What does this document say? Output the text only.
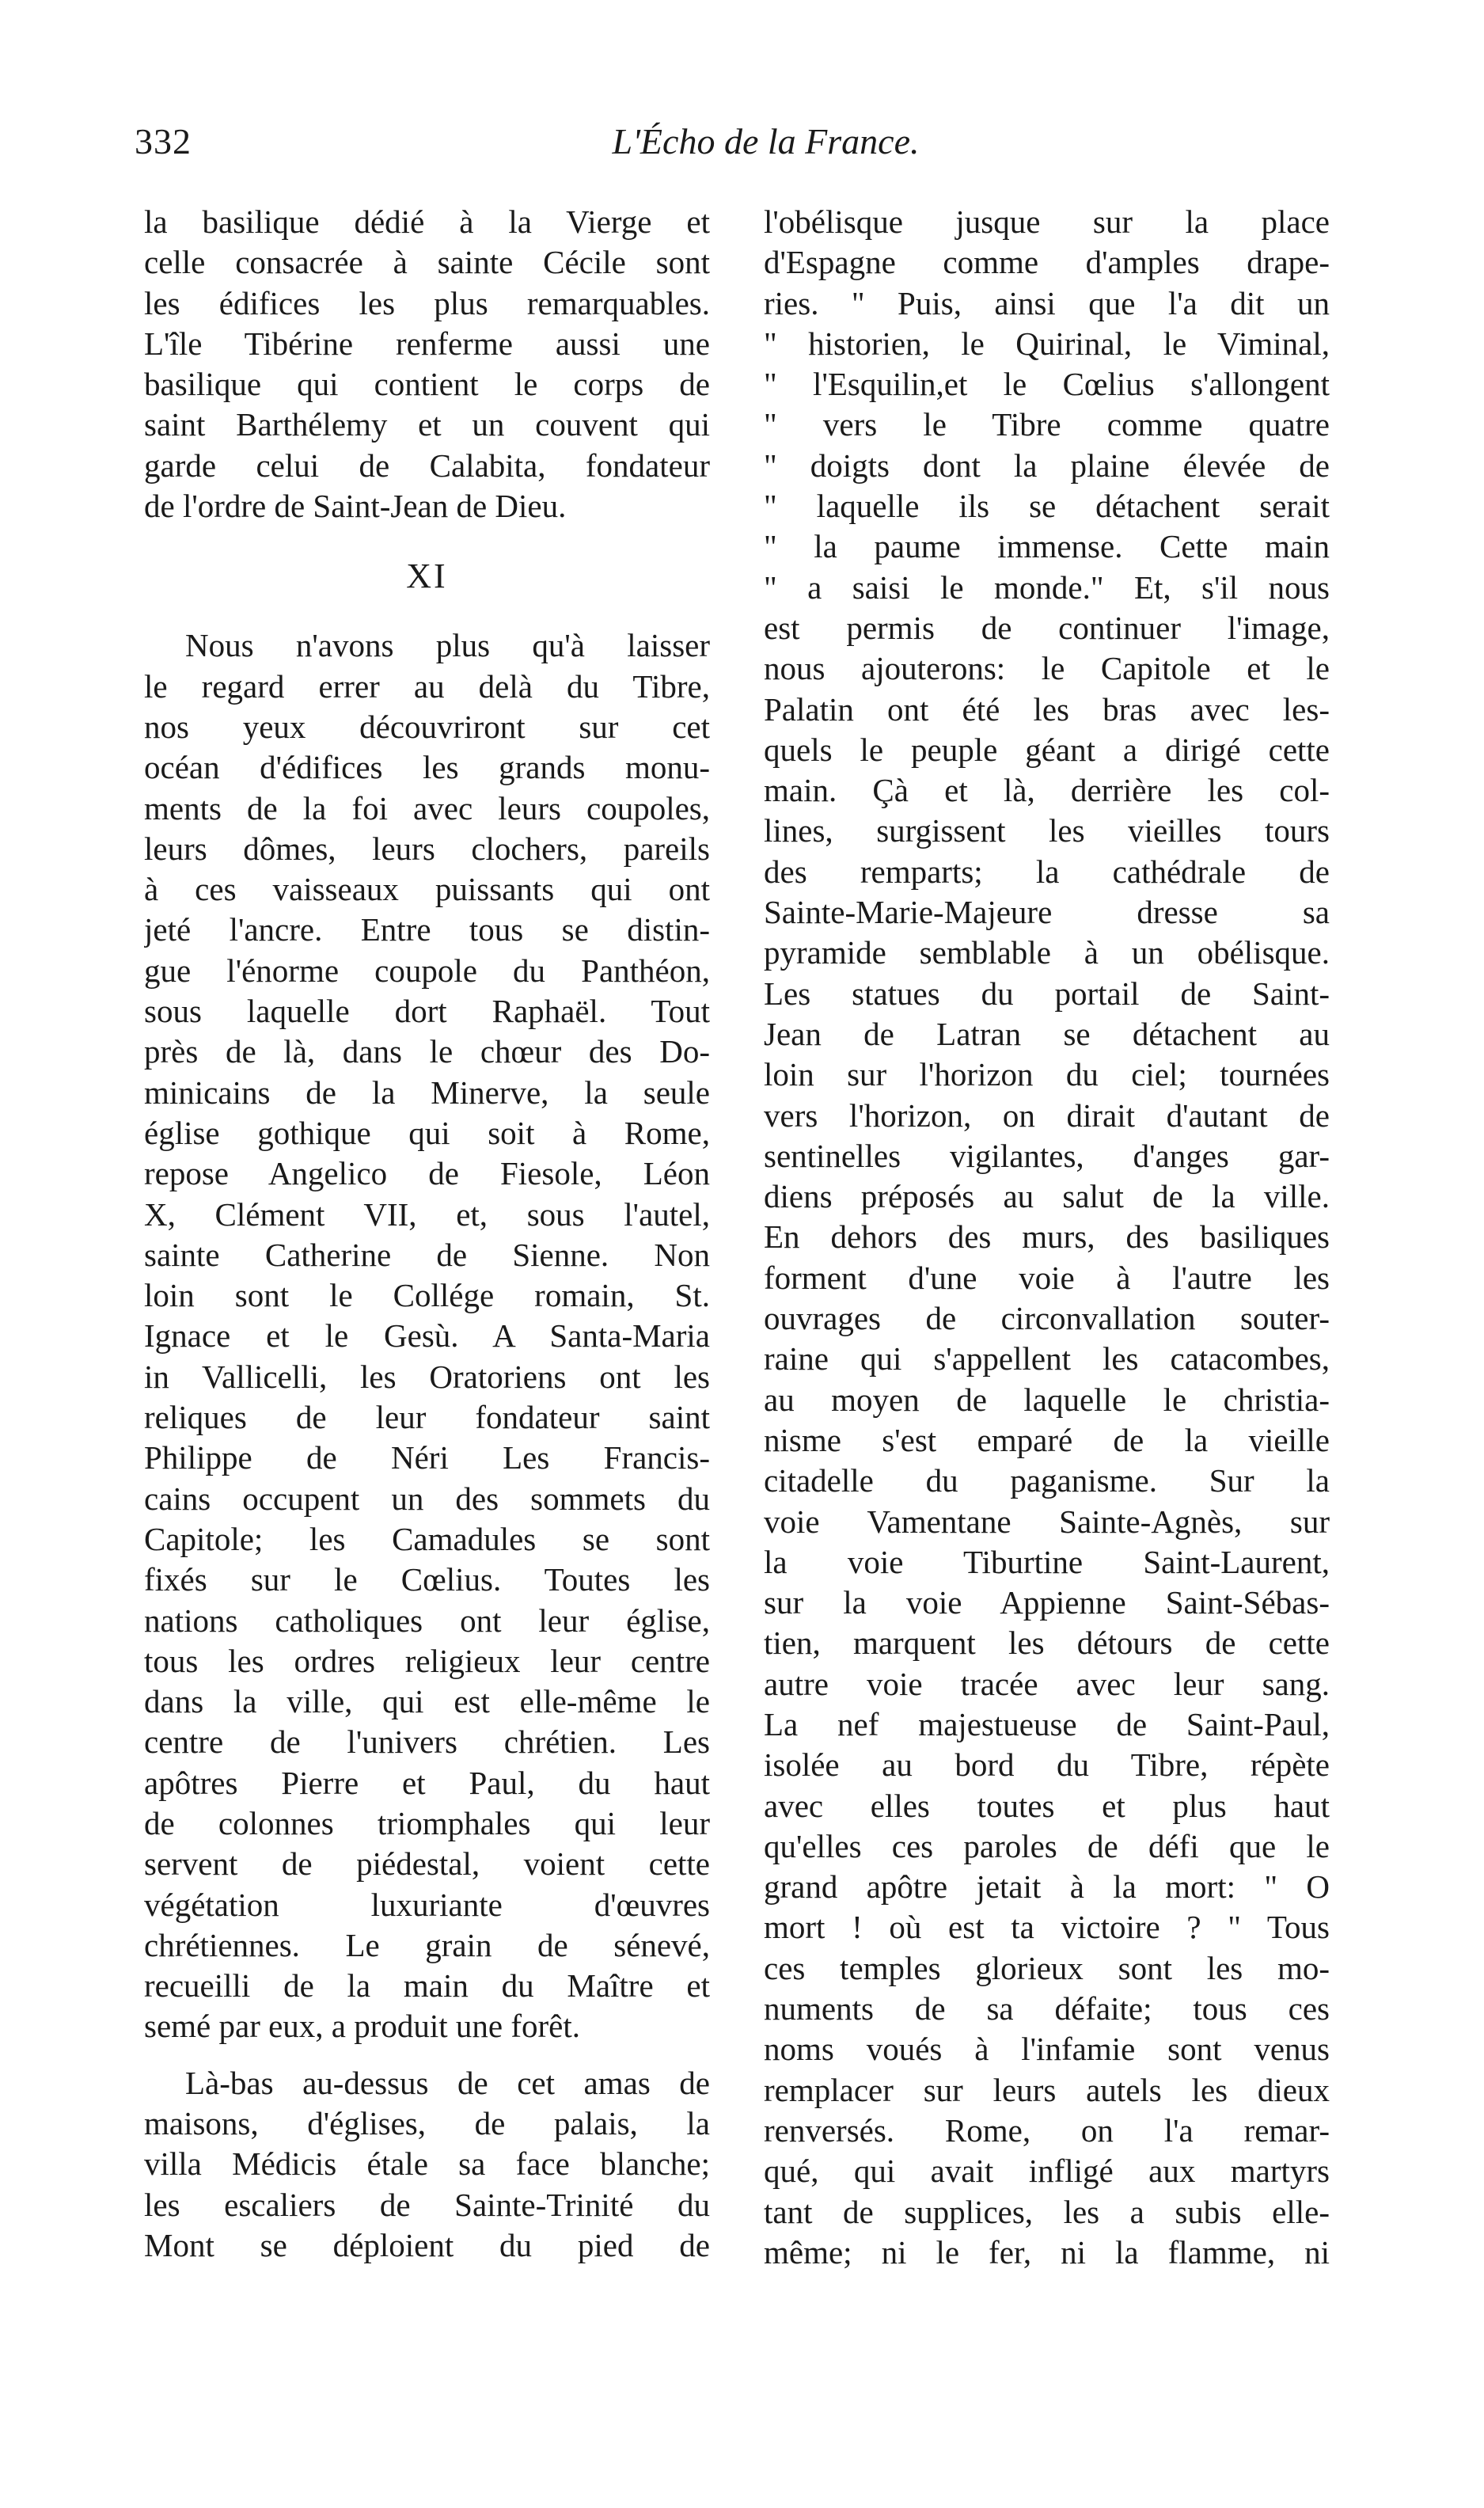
332	L'Écho de la France.
la basilique dédié à la Vierge et
celle consacrée à sainte Cécile sont
les édifices les plus remarquables.
L'île Tibérine renferme aussi une
basilique qui contient le corps de
saint Barthélemy et un couvent qui
garde celui de Calabita, fondateur
de l'ordre de Saint-Jean de Dieu.
XI
Nous n'avons plus qu'à laisser
le regard errer au delà du Tibre,
nos yeux découvriront sur cet
océan d'édifices les grands monu-
ments de la foi avec leurs coupoles,
leurs dômes, leurs clochers, pareils
à ces vaisseaux puissants qui ont
jeté l'ancre. Entre tous se distin-
gue l'énorme coupole du Panthéon,
sous laquelle dort Raphaël. Tout
près de là, dans le chœur des Do-
minicains de la Minerve, la seule
église gothique qui soit à Rome,
repose Angelico de Fiesole, Léon
X, Clément VII, et, sous l'autel,
sainte Catherine de Sienne. Non
loin sont le Collége romain, St.
Ignace et le Gesù. A Santa-Maria
in Vallicelli, les Oratoriens ont les
reliques de leur fondateur saint
Philippe de Néri Les Francis-
cains occupent un des sommets du
Capitole; les Camadules se sont
fixés sur le Cœlius. Toutes les
nations catholiques ont leur église,
tous les ordres religieux leur centre
dans la ville, qui est elle-même le
centre de l'univers chrétien. Les
apôtres Pierre et Paul, du haut
de colonnes triomphales qui leur
servent de piédestal, voient cette
végétation luxuriante d'œuvres
chrétiennes. Le grain de sénevé,
recueilli de la main du Maître et
semé par eux, a produit une forêt.
Là-bas au-dessus de cet amas de
maisons, d'églises, de palais, la
villa Médicis étale sa face blanche;
les escaliers de Sainte-Trinité du
Mont se déploient du pied de
l'obélisque jusque sur la place
d'Espagne comme d'amples drape-
ries. " Puis, ainsi que l'a dit un
" historien, le Quirinal, le Viminal,
" l'Esquilin,et le Cœlius s'allongent
" vers le Tibre comme quatre
" doigts dont la plaine élevée de
" laquelle ils se détachent serait
" la paume immense. Cette main
" a saisi le monde." Et, s'il nous
est permis de continuer l'image,
nous ajouterons: le Capitole et le
Palatin ont été les bras avec les-
quels le peuple géant a dirigé cette
main. Çà et là, derrière les col-
lines, surgissent les vieilles tours
des remparts; la cathédrale de
Sainte-Marie-Majeure dresse sa
pyramide semblable à un obélisque.
Les statues du portail de Saint-
Jean de Latran se détachent au
loin sur l'horizon du ciel; tournées
vers l'horizon, on dirait d'autant de
sentinelles vigilantes, d'anges gar-
diens préposés au salut de la ville.
En dehors des murs, des basiliques
forment d'une voie à l'autre les
ouvrages de circonvallation souter-
raine qui s'appellent les catacombes,
au moyen de laquelle le christia-
nisme s'est emparé de la vieille
citadelle du paganisme. Sur la
voie Vamentane Sainte-Agnès, sur
la voie Tiburtine Saint-Laurent,
sur la voie Appienne Saint-Sébas-
tien, marquent les détours de cette
autre voie tracée avec leur sang.
La nef majestueuse de Saint-Paul,
isolée au bord du Tibre, répète
avec elles toutes et plus haut
qu'elles ces paroles de défi que le
grand apôtre jetait à la mort: " O
mort ! où est ta victoire ? " Tous
ces temples glorieux sont les mo-
numents de sa défaite; tous ces
noms voués à l'infamie sont venus
remplacer sur leurs autels les dieux
renversés. Rome, on l'a remar-
qué, qui avait infligé aux martyrs
tant de supplices, les a subis elle-
même; ni le fer, ni la flamme, ni
